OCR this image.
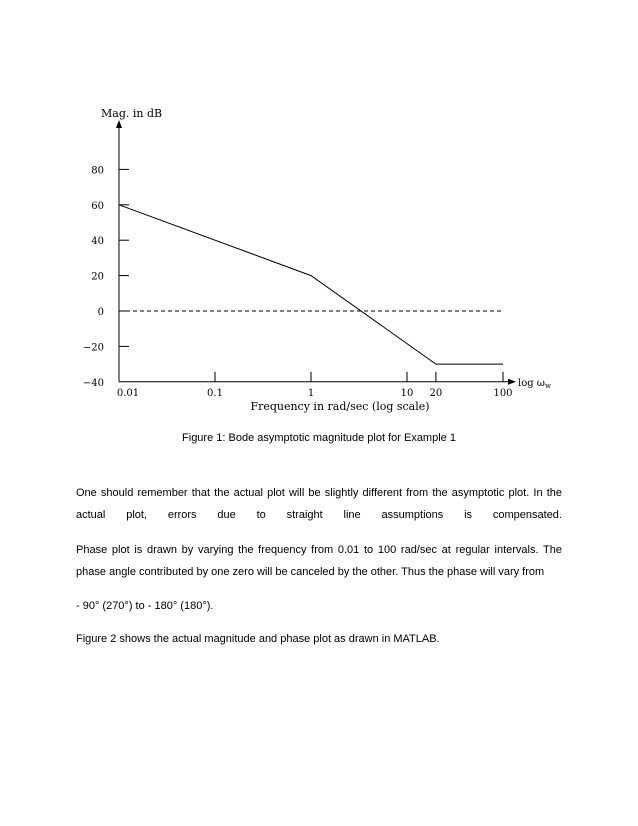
80
60
40
20
0
−20
−40
0.01	0.1	1	10 20	100
Mag. in dB
Frequency in rad/sec (log scale)
$\log \omega_w$
Figure 1: Bode asymptotic magnitude plot for Example 1
One should remember that the actual plot will be slightly different from the asymptotic plot. In the
actual plot, errors due to straight line assumptions is compensated.
Phase plot is drawn by varying the frequency from 0.01 to 100 rad/sec at regular intervals. The
phase angle contributed by one zero will be canceled by the other. Thus the phase will vary from
- 90° (270°) to - 180° (180°).
Figure 2 shows the actual magnitude and phase plot as drawn in MATLAB.
